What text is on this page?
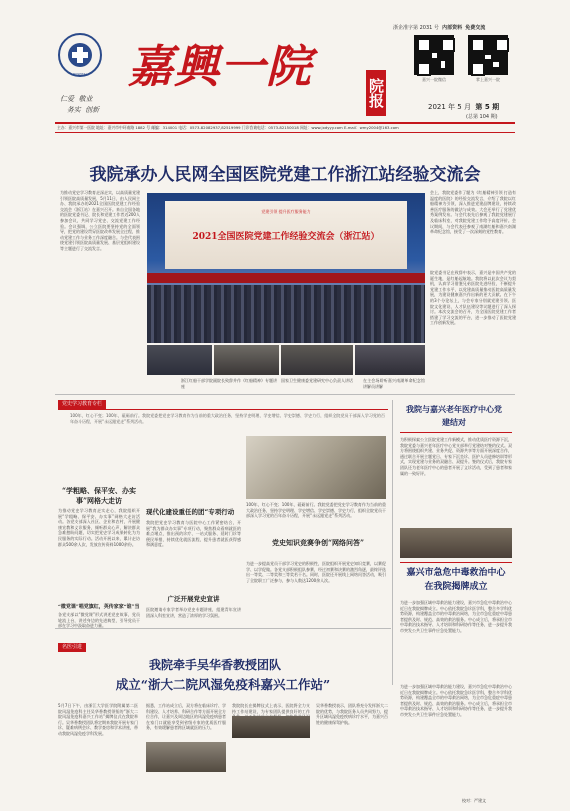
HOSPITAL
仁爱 敬业
务实 创新
嘉興一院	院报
浙企准字第 2031 号 内部资料 免费交流
嘉兴一院微信	掌上嘉兴一院
2021 年 5 月 第 5 期
(总第 104 期)
主办：嘉兴市第一医院 地址：嘉兴市中环南路 1882 号 邮编：314001 电话：0573-82082937,82519999 门诊咨询电话：0573-82150018 网址：www.jxdyyy.com E-mail：wmy2004@163.com
我院承办人民网全国医院党建工作浙江站经验交流会
为推动党史学习教育走深走实，以高质量党建引领医院高质量发展，5月11日，由人民网主办、我院承办的2021全国医院党建工作经验交流会（浙江站）在嘉兴召开。来自全国各地的医院党委书记、院长和党建工作者近200人参加会议，共同学习党史、交流党建工作经验。会议强调，公立医院要坚持党的全面领导，把党的建设贯穿医院改革发展全过程，推动党建工作与业务工作深度融合。与会代表围绕党建引领医院高质量发展、基层党组织建设等主题进行了交流发言。
党建引领 提升医疗服务能力
2021全国医院党建工作经验交流会（浙江站）
会上，我院党委作了题为《红船精神引领 打造有温度的医院》的经验交流发言，介绍了我院以红船精神为引领，深入推进党建品牌建设，持续改善医疗服务的做法与成效。大会还举行了党建优秀案例发布。与会代表先后参观了我院党建展厅及临床科室，对我院党建工作给予高度评价。会议期间，与会代表还参观了南湖红船和嘉兴南湖革命纪念馆，接受了一次深刻的党性教育。
院党委书记在致辞中表示，嘉兴是中国共产党的诞生地，是红船起航地。我院将以此次会议为契机，认真学习借鉴兄弟医院先进经验，不断提升党建工作水平，以党建高质量推动医院高质量发展，为建设健康嘉兴作出新的更大贡献。在下午的3个分论坛上，与会专家分别就党建引领、医院文化建设、人才队伍建设等议题进行了深入探讨。本次交流会的召开，为全国医院党建工作者搭建了学习交流的平台，进一步推动了医院党建工作创新发展。
浙江红船干部学院副院长致辞并作《红船精神》专题讲座
国家卫生健康委党建研究中心负责人讲话	在主会场聆听嘉兴南湖革命纪念馆讲解员讲解
党史学习教育专栏
100年，红心不变；100年，砥砺前行。我院党委把党史学习教育作为当前的重大政治任务，坚持学史明理、学史增信、学史崇德、学史力行，组织全院党员干部深入学习党的百年奋斗历程，开展“永远跟党走”系列活动。
“学粗略、保平安、办实事”网格大走访
为推动党史学习教育走实走心，我院组织开展“学粗略、保平安、办实事”网格大走访活动。各党支部深入社区、企业和农村，开展健康宣教和义诊服务，倾听群众心声，解决群众急难愁盼问题，切实把党史学习成果转化为为民服务的实际行动。活动开展以来，累计走访群众500余人次，发放宣传资料1000余份。
“微党课”唱党旗红，英传家家“谁”当
各党支部以“微党课”形式讲述党史故事，党员轮流上台，讲述身边的先进典型，引导党员干部在学习中汲取奋进力量。
现代化建设重任的团“专项行动
我院把党史学习教育与医院中心工作紧密结合，开展“我为群众办实事”专项行动，聚焦群众看病就医的难点堵点，推出预约诊疗、一站式服务、延时门诊等便民举措，持续优化就医流程，提升患者就医获得感和满意度。
广泛开展党史宣讲
医院邀请专家学者举办党史专题讲座，组建青年宣讲团深入科室宣讲，营造了浓厚的学习氛围。
100年，红心不变；100年，砥砺前行。我院党委把党史学习教育作为当前的重大政治任务，坚持学史明理、学史增信、学史崇德、学史力行，组织全院党员干部深入学习党的百年奋斗历程，开展“永远跟党走”系列活动。
党史知识竞赛争创“网络问答”
为进一步提高党员干部学习党史的积极性，医院组织开展党史知识竞赛，以赛促学、以学促做。各党支部积极组队参赛，经过初赛和决赛的激烈角逐，最终评选出一等奖、二等奖和三等奖若干名。同时，医院还开展线上网络问答活动，吸引了全院职工广泛参与，参与人数达1200余人次。
我院与嘉兴老年医疗中心党建结对
为积极探索公立医院党建工作新模式，推动优质医疗资源下沉，我院党委与嘉兴老年医疗中心党支部举行党建结对签约仪式。双方将围绕组织共建、业务共促、资源共享等方面开展深度合作，通过联合开展主题党日、专家下沉坐诊、医护人员进修培训等形式，实现党建与业务的双融合、双提升。签约仪式后，我院专家团队还为老年医疗中心的患者开展了义诊活动，受到了患者和家属的一致好评。
嘉兴市急危中毒救治中心在我院揭牌成立
为进一步加强区域中毒救治能力建设，嘉兴市急危中毒救治中心近日在我院揭牌成立。中心依托我院急诊医学科，整合多学科优势资源，构建覆盖全市的中毒救治网络，为全市急危重症中毒患者提供及时、规范、高效的救治服务。中心成立后，将承担全市中毒救治技术指导、人才培训和科研协作等任务，进一步提升我市突发公共卫生事件应急处置能力。
名医引进
我院牵手吴华香教授团队
成立“浙大二院风湿免疫科嘉兴工作站”
5月7日下午，由浙江大学医学院附属第二医院风湿免疫科主任吴华香教授领衔的“浙大二院风湿免疫科嘉兴工作站”揭牌仪式在我院举行。吴华香教授团队将定期来我院开展专家门诊、疑难病例会诊、教学查房和学术讲座，带动我院风湿免疫学科发展。
据悉，工作站成立后，双方将在临床诊疗、学科建设、人才培养、科研合作等方面开展全方位合作，让嘉兴及周边地区的风湿免疫病患者在家门口就能享受到省级专家的优质医疗服务，有效缓解患者跨区域就医的压力。
我院院长在揭牌仪式上表示，医院将全力支持工作站建设，为专家团队提供良好的工作
吴华香教授表示，团队将充分发挥浙大二院的优势，与我院医务人员共同努力，提升区域风湿免疫疾病诊疗水平，为嘉兴百姓的健康保驾护航。
为进一步加强区域中毒救治能力建设，嘉兴市急危中毒救治中心近日在我院揭牌成立。中心依托我院急诊医学科，整合多学科优势资源，构建覆盖全市的中毒救治网络，为全市急危重症中毒患者提供及时、规范、高效的救治服务。中心成立后，将承担全市中毒救治技术指导、人才培训和科研协作等任务，进一步提升我市突发公共卫生事件应急处置能力。
校对：严建文
